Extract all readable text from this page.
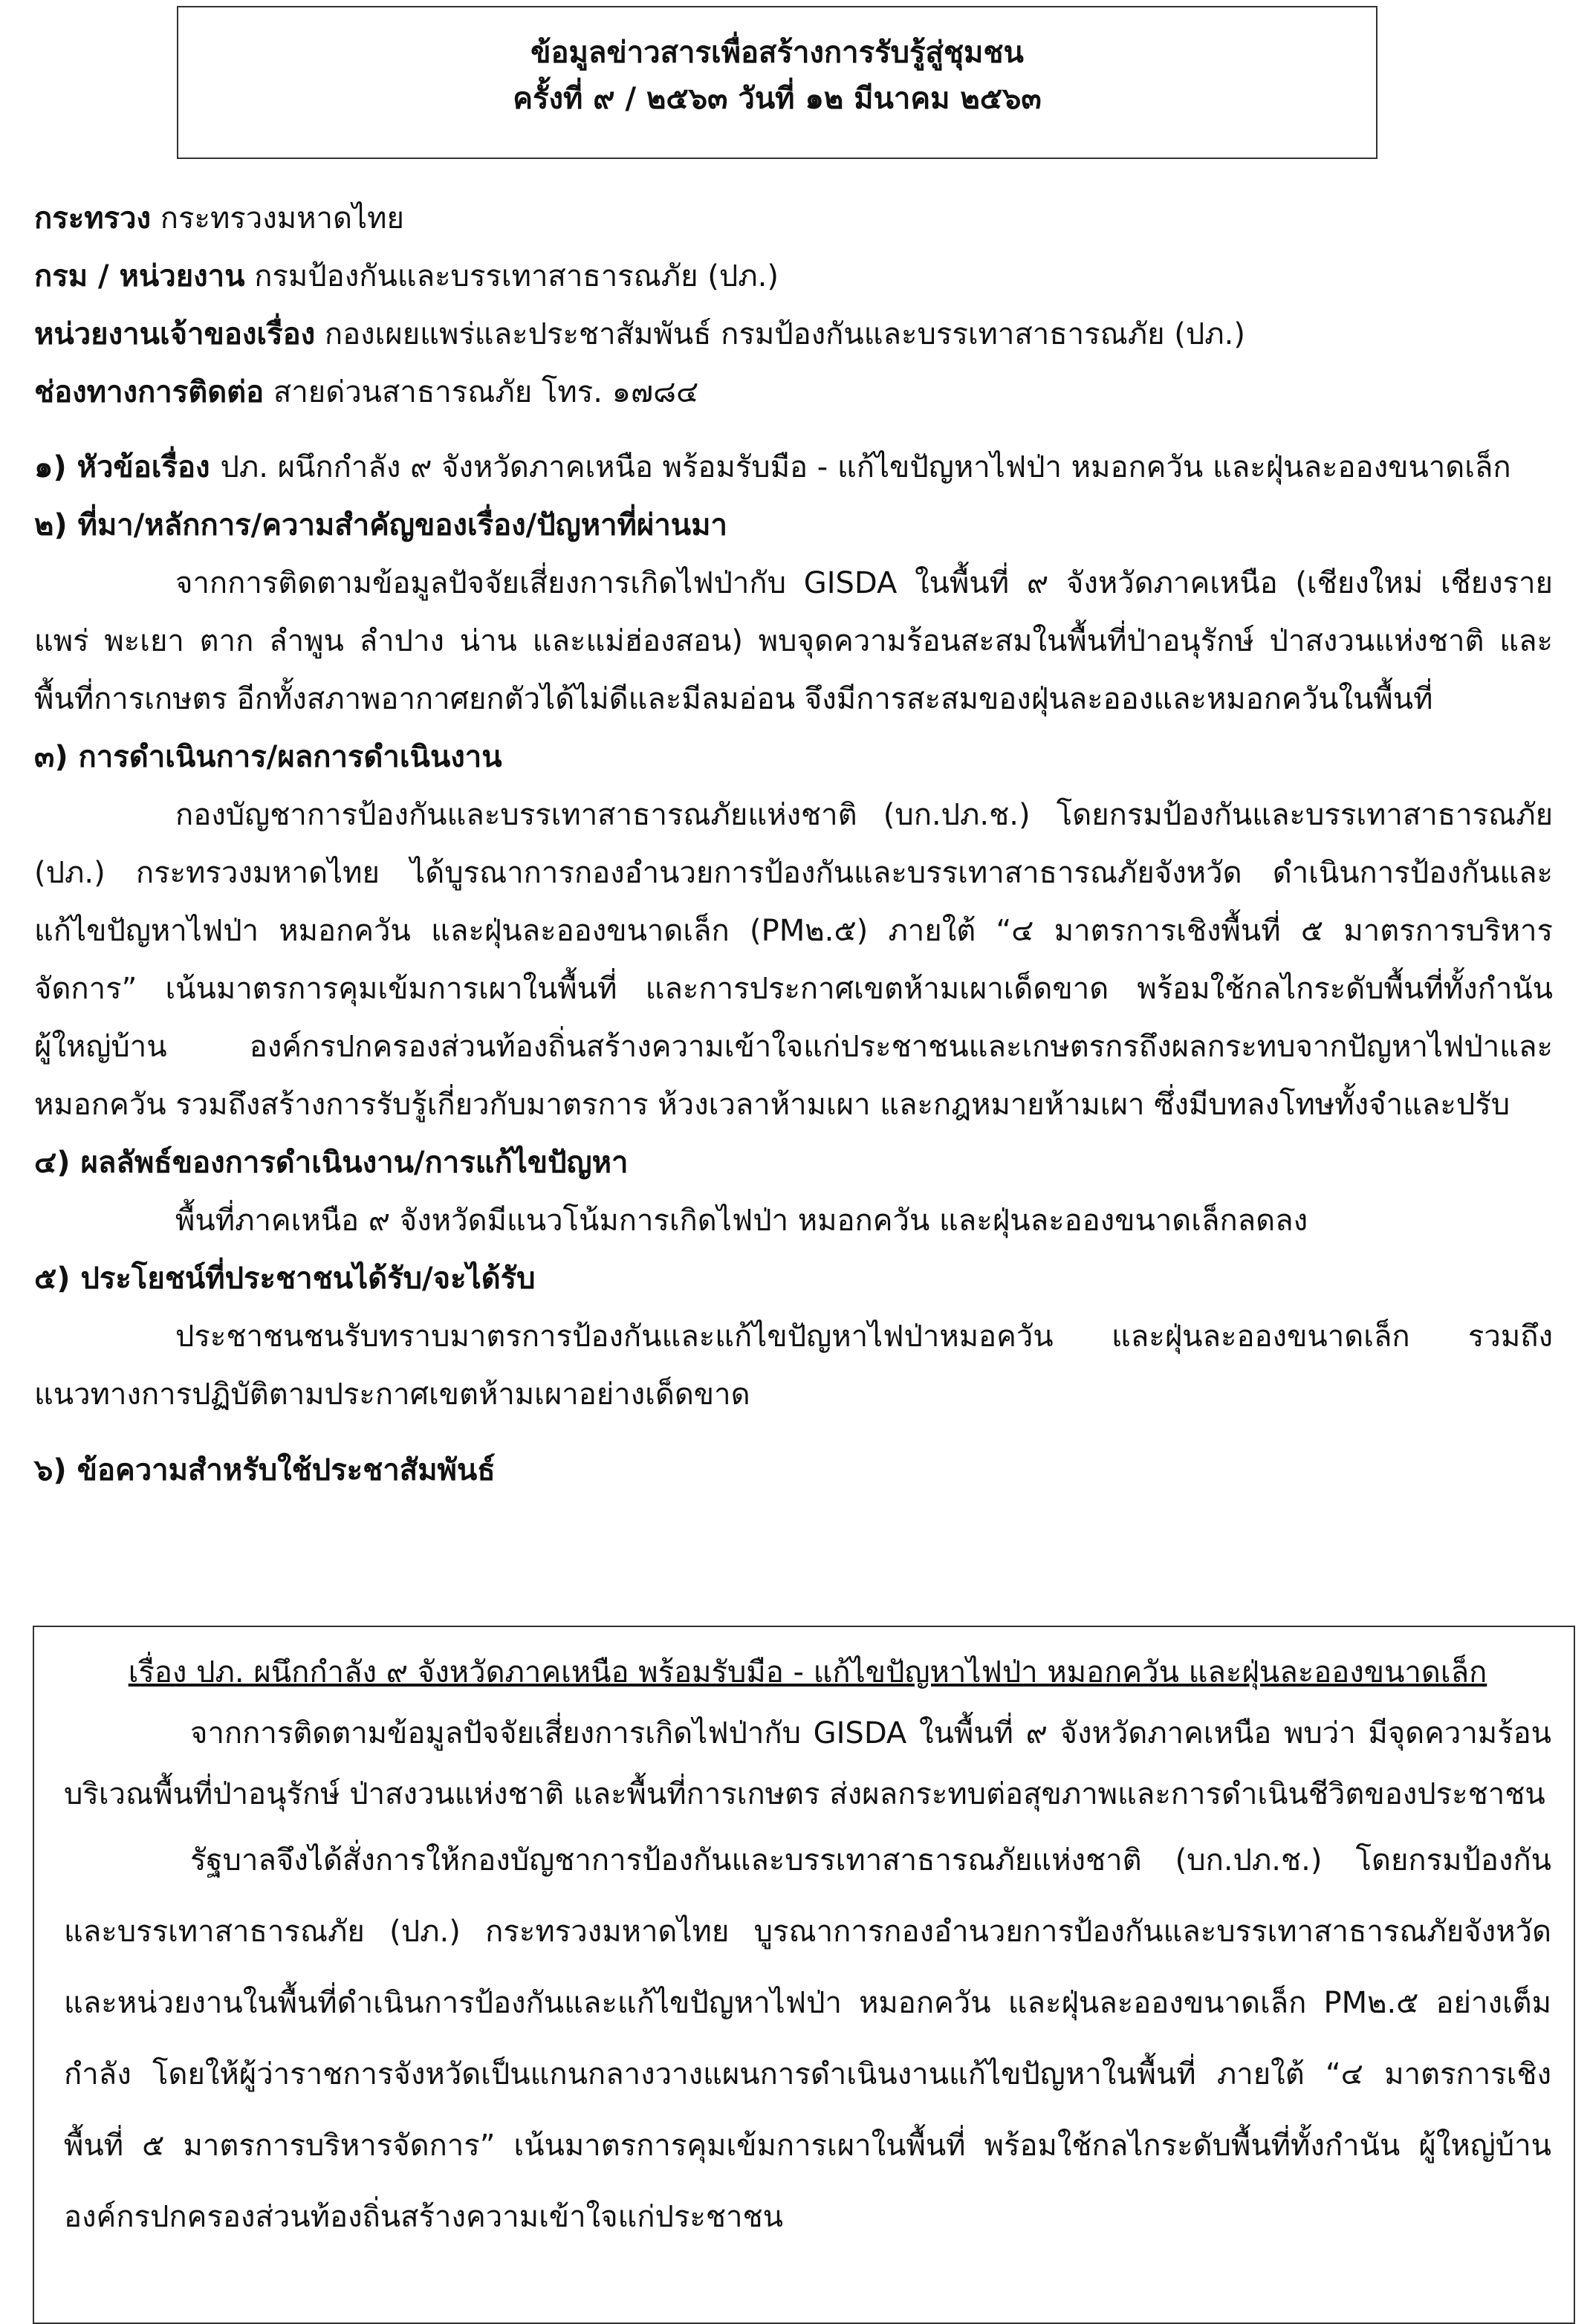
ข้อมูลข่าวสารเพื่อสร้างการรับรู้สู่ชุมชน
ครั้งที่ ๙ / ๒๕๖๓ วันที่ ๑๒ มีนาคม ๒๕๖๓
กระทรวง กระทรวงมหาดไทย
กรม / หน่วยงาน กรมป้องกันและบรรเทาสาธารณภัย (ปภ.)
หน่วยงานเจ้าของเรื่อง กองเผยแพร่และประชาสัมพันธ์ กรมป้องกันและบรรเทาสาธารณภัย (ปภ.)
ช่องทางการติดต่อ สายด่วนสาธารณภัย โทร. ๑๗๘๔
๑) หัวข้อเรื่อง ปภ. ผนึกกำลัง ๙ จังหวัดภาคเหนือ พร้อมรับมือ - แก้ไขปัญหาไฟป่า หมอกควัน และฝุ่นละอองขนาดเล็ก
๒) ที่มา/หลักการ/ความสำคัญของเรื่อง/ปัญหาที่ผ่านมา

จากการติดตามข้อมูลปัจจัยเสี่ยงการเกิดไฟป่ากับ GISDA ในพื้นที่ ๙ จังหวัดภาคเหนือ (เชียงใหม่ เชียงราย แพร่ พะเยา ตาก ลำพูน ลำปาง น่าน และแม่ฮ่องสอน) พบจุดความร้อนสะสมในพื้นที่ป่าอนุรักษ์ ป่าสงวนแห่งชาติ และพื้นที่การเกษตร อีกทั้งสภาพอากาศยกตัวได้ไม่ดีและมีลมอ่อน จึงมีการสะสมของฝุ่นละอองและหมอกควันในพื้นที่

๓) การดำเนินการ/ผลการดำเนินงาน

กองบัญชาการป้องกันและบรรเทาสาธารณภัยแห่งชาติ (บก.ปภ.ช.) โดยกรมป้องกันและบรรเทาสาธารณภัย (ปภ.) กระทรวงมหาดไทย ได้บูรณาการกองอำนวยการป้องกันและบรรเทาสาธารณภัยจังหวัด ดำเนินการป้องกันและแก้ไขปัญหาไฟป่า หมอกควัน และฝุ่นละอองขนาดเล็ก (PM๒.๕) ภายใต้ “๔ มาตรการเชิงพื้นที่ ๕ มาตรการบริหารจัดการ” เน้นมาตรการคุมเข้มการเผาในพื้นที่ และการประกาศเขตห้ามเผาเด็ดขาด พร้อมใช้กลไกระดับพื้นที่ทั้งกำนัน ผู้ใหญ่บ้าน องค์กรปกครองส่วนท้องถิ่นสร้างความเข้าใจแก่ประชาชนและเกษตรกรถึงผลกระทบจากปัญหาไฟป่าและหมอกควัน รวมถึงสร้างการรับรู้เกี่ยวกับมาตรการ ห้วงเวลาห้ามเผา และกฎหมายห้ามเผา ซึ่งมีบทลงโทษทั้งจำและปรับ

๔) ผลลัพธ์ของการดำเนินงาน/การแก้ไขปัญหา

พื้นที่ภาคเหนือ ๙ จังหวัดมีแนวโน้มการเกิดไฟป่า หมอกควัน และฝุ่นละอองขนาดเล็กลดลง

๕) ประโยชน์ที่ประชาชนได้รับ/จะได้รับ

ประชาชนชนรับทราบมาตรการป้องกันและแก้ไขปัญหาไฟป่าหมอควัน และฝุ่นละอองขนาดเล็ก รวมถึงแนวทางการปฏิบัติตามประกาศเขตห้ามเผาอย่างเด็ดขาด

๖) ข้อความสำหรับใช้ประชาสัมพันธ์
เรื่อง ปภ. ผนึกกำลัง ๙ จังหวัดภาคเหนือ พร้อมรับมือ - แก้ไขปัญหาไฟป่า หมอกควัน และฝุ่นละอองขนาดเล็ก

จากการติดตามข้อมูลปัจจัยเสี่ยงการเกิดไฟป่ากับ GISDA ในพื้นที่ ๙ จังหวัดภาคเหนือ พบว่า มีจุดความร้อนบริเวณพื้นที่ป่าอนุรักษ์ ป่าสงวนแห่งชาติ และพื้นที่การเกษตร ส่งผลกระทบต่อสุขภาพและการดำเนินชีวิตของประชาชน

รัฐบาลจึงได้สั่งการให้กองบัญชาการป้องกันและบรรเทาสาธารณภัยแห่งชาติ (บก.ปภ.ช.) โดยกรมป้องกันและบรรเทาสาธารณภัย (ปภ.) กระทรวงมหาดไทย บูรณาการกองอำนวยการป้องกันและบรรเทาสาธารณภัยจังหวัดและหน่วยงานในพื้นที่ดำเนินการป้องกันและแก้ไขปัญหาไฟป่า หมอกควัน และฝุ่นละอองขนาดเล็ก PM๒.๕ อย่างเต็มกำลัง โดยให้ผู้ว่าราชการจังหวัดเป็นแกนกลางวางแผนการดำเนินงานแก้ไขปัญหาในพื้นที่ ภายใต้ “๔ มาตรการเชิงพื้นที่ ๕ มาตรการบริหารจัดการ” เน้นมาตรการคุมเข้มการเผาในพื้นที่ พร้อมใช้กลไกระดับพื้นที่ทั้งกำนัน ผู้ใหญ่บ้าน องค์กรปกครองส่วนท้องถิ่นสร้างความเข้าใจแก่ประชาชน
